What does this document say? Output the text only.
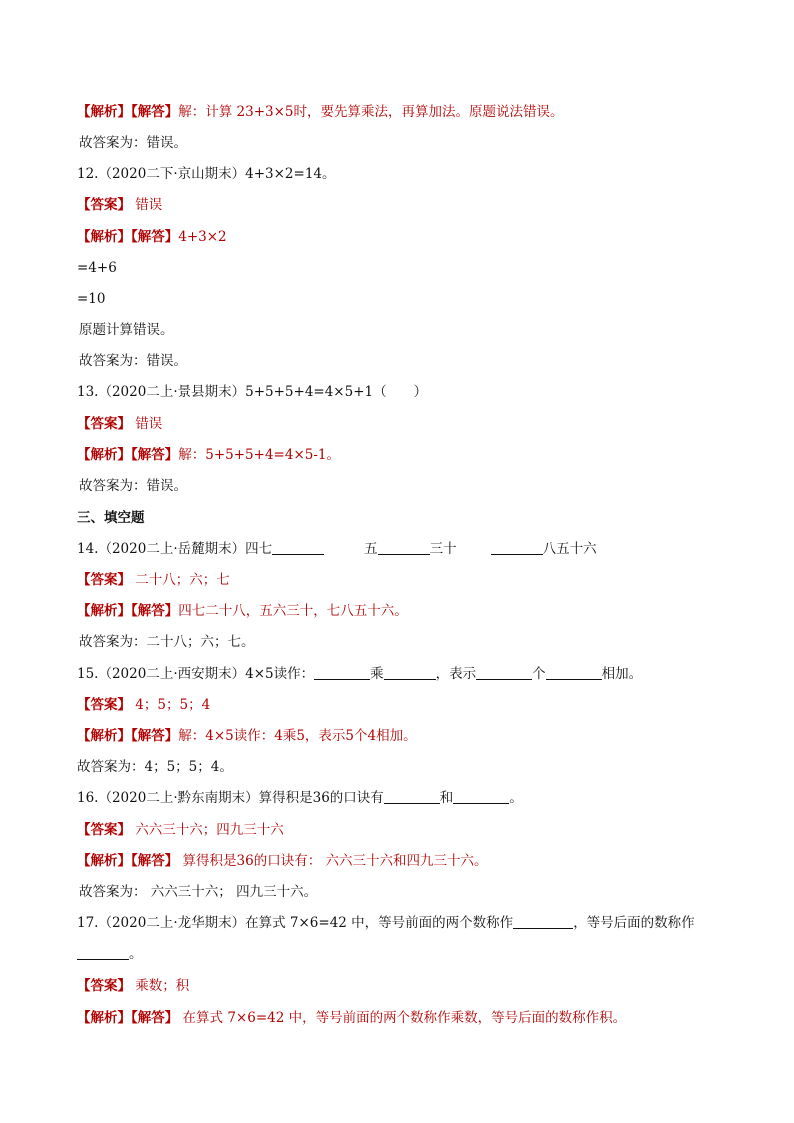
【解析】【解答】解：计算 23+3×5时，要先算乘法，再算加法。原题说法错误。
故答案为：错误。
12.（2020二下·京山期末）4+3×2=14。
【答案】 错误
【解析】【解答】4+3×2
=4+6
=10
原题计算错误。
故答案为：错误。
13.（2020二上·景县期末）5+5+5+4=4×5+1（　　）
【答案】 错误
【解析】【解答】解：5+5+5+4=4×5-1。
故答案为：错误。
三、填空题
14.（2020二上·岳麓期末）四七	五	三十	八五十六
【答案】 二十八；六；七
【解析】【解答】四七二十八，五六三十，七八五十六。
故答案为：二十八；六；七。
15.（2020二上·西安期末）4×5读作：	乘	，表示	个	相加。
【答案】 4；5；5；4
【解析】【解答】解：4×5读作：4乘5，表示5个4相加。
故答案为：4；5；5；4。
16.（2020二上·黔东南期末）算得积是36的口诀有	和	。
【答案】 六六三十六；四九三十六
【解析】【解答】 算得积是36的口诀有： 六六三十六和四九三十六。
故答案为： 六六三十六； 四九三十六。
17.（2020二上·龙华期末）在算式 7×6=42 中，等号前面的两个数称作	，等号后面的数称作
。
【答案】 乘数；积
【解析】【解答】 在算式 7×6=42 中，等号前面的两个数称作乘数，等号后面的数称作积。
